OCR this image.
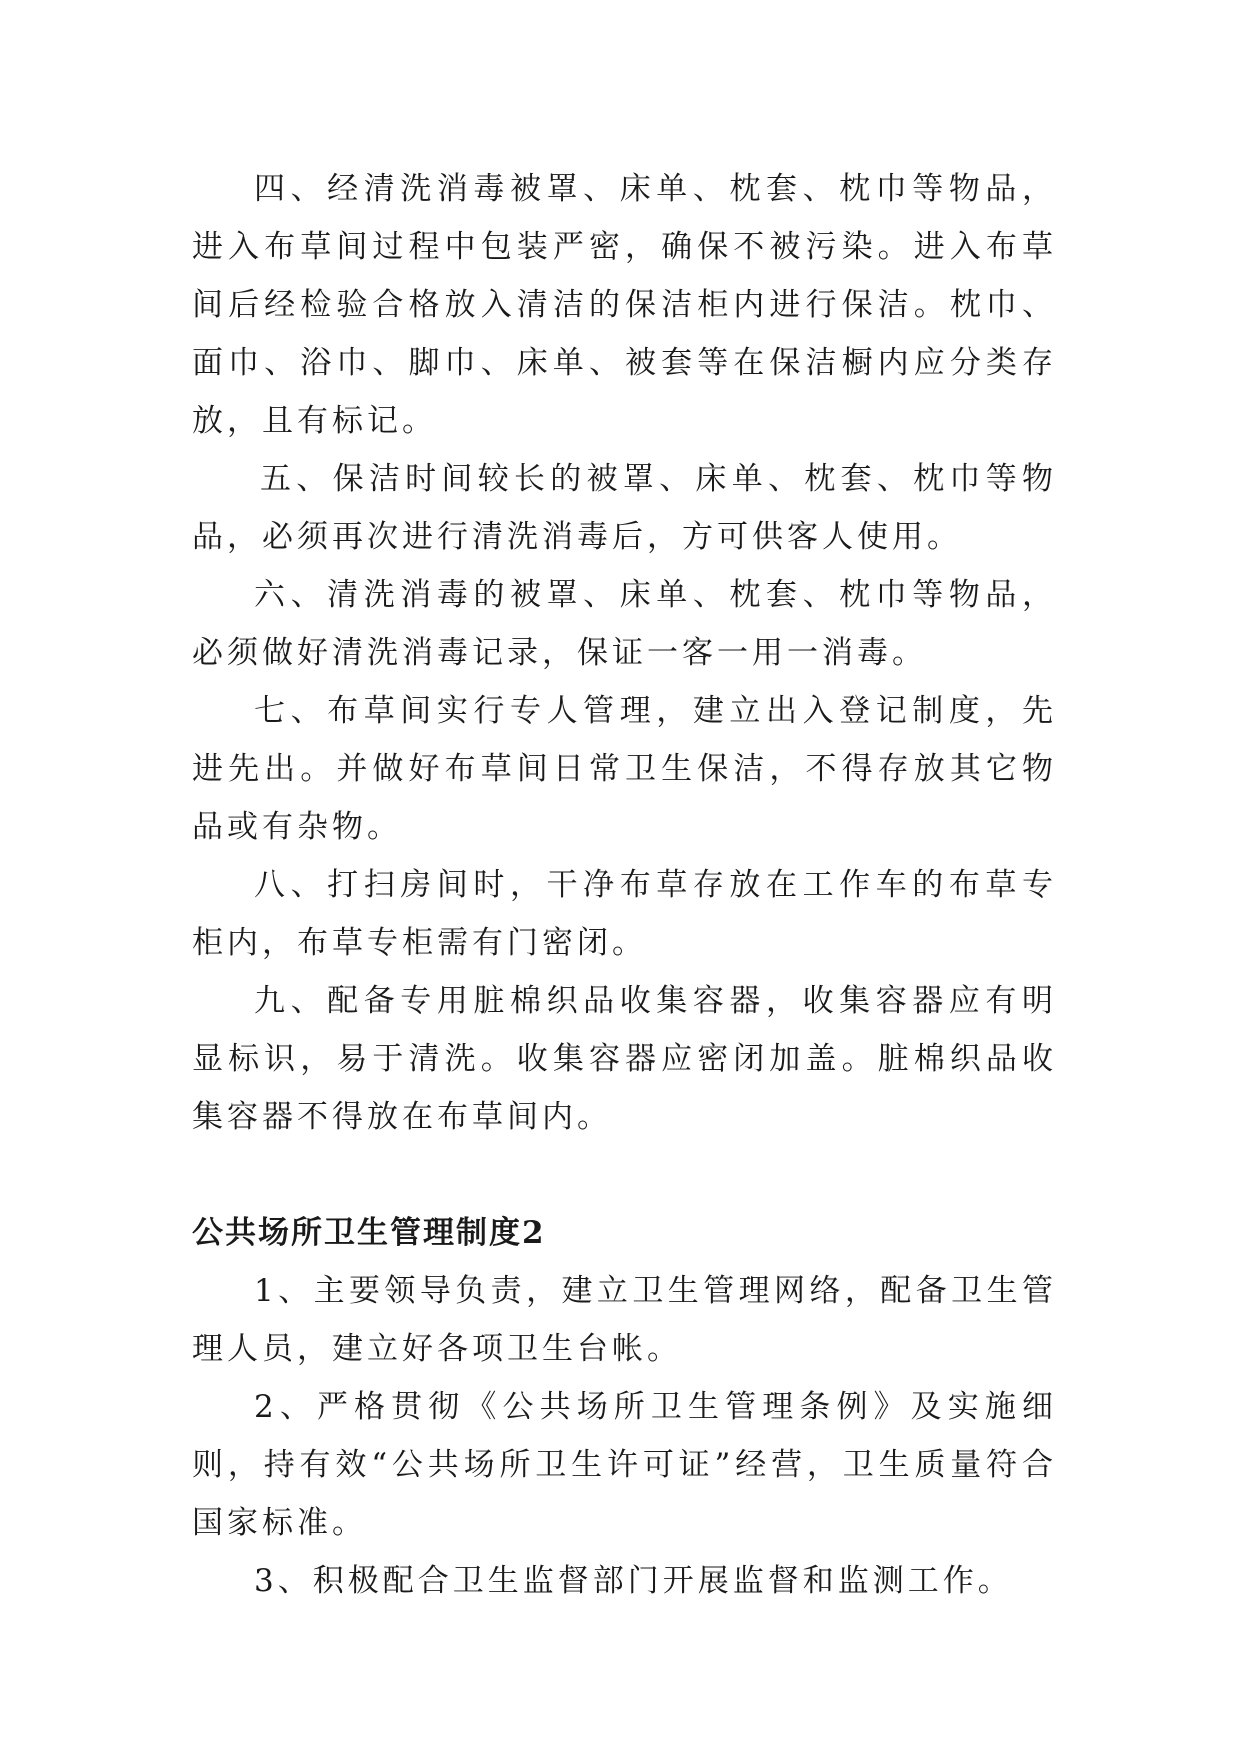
四、经清洗消毒被罩、床单、枕套、枕巾等物品，进入布草间过程中包装严密，确保不被污染。进入布草间后经检验合格放入清洁的保洁柜内进行保洁。枕巾、面巾、浴巾、脚巾、床单、被套等在保洁橱内应分类存放，且有标记。

五、保洁时间较长的被罩、床单、枕套、枕巾等物品，必须再次进行清洗消毒后，方可供客人使用。

六、清洗消毒的被罩、床单、枕套、枕巾等物品，必须做好清洗消毒记录，保证一客一用一消毒。

七、布草间实行专人管理，建立出入登记制度，先进先出。并做好布草间日常卫生保洁，不得存放其它物品或有杂物。

八、打扫房间时，干净布草存放在工作车的布草专柜内，布草专柜需有门密闭。

九、配备专用脏棉织品收集容器，收集容器应有明显标识，易于清洗。收集容器应密闭加盖。脏棉织品收集容器不得放在布草间内。

公共场所卫生管理制度2

1、主要领导负责，建立卫生管理网络，配备卫生管理人员，建立好各项卫生台帐。

2、严格贯彻《公共场所卫生管理条例》及实施细则，持有效“公共场所卫生许可证”经营，卫生质量符合国家标准。

3、积极配合卫生监督部门开展监督和监测工作。
